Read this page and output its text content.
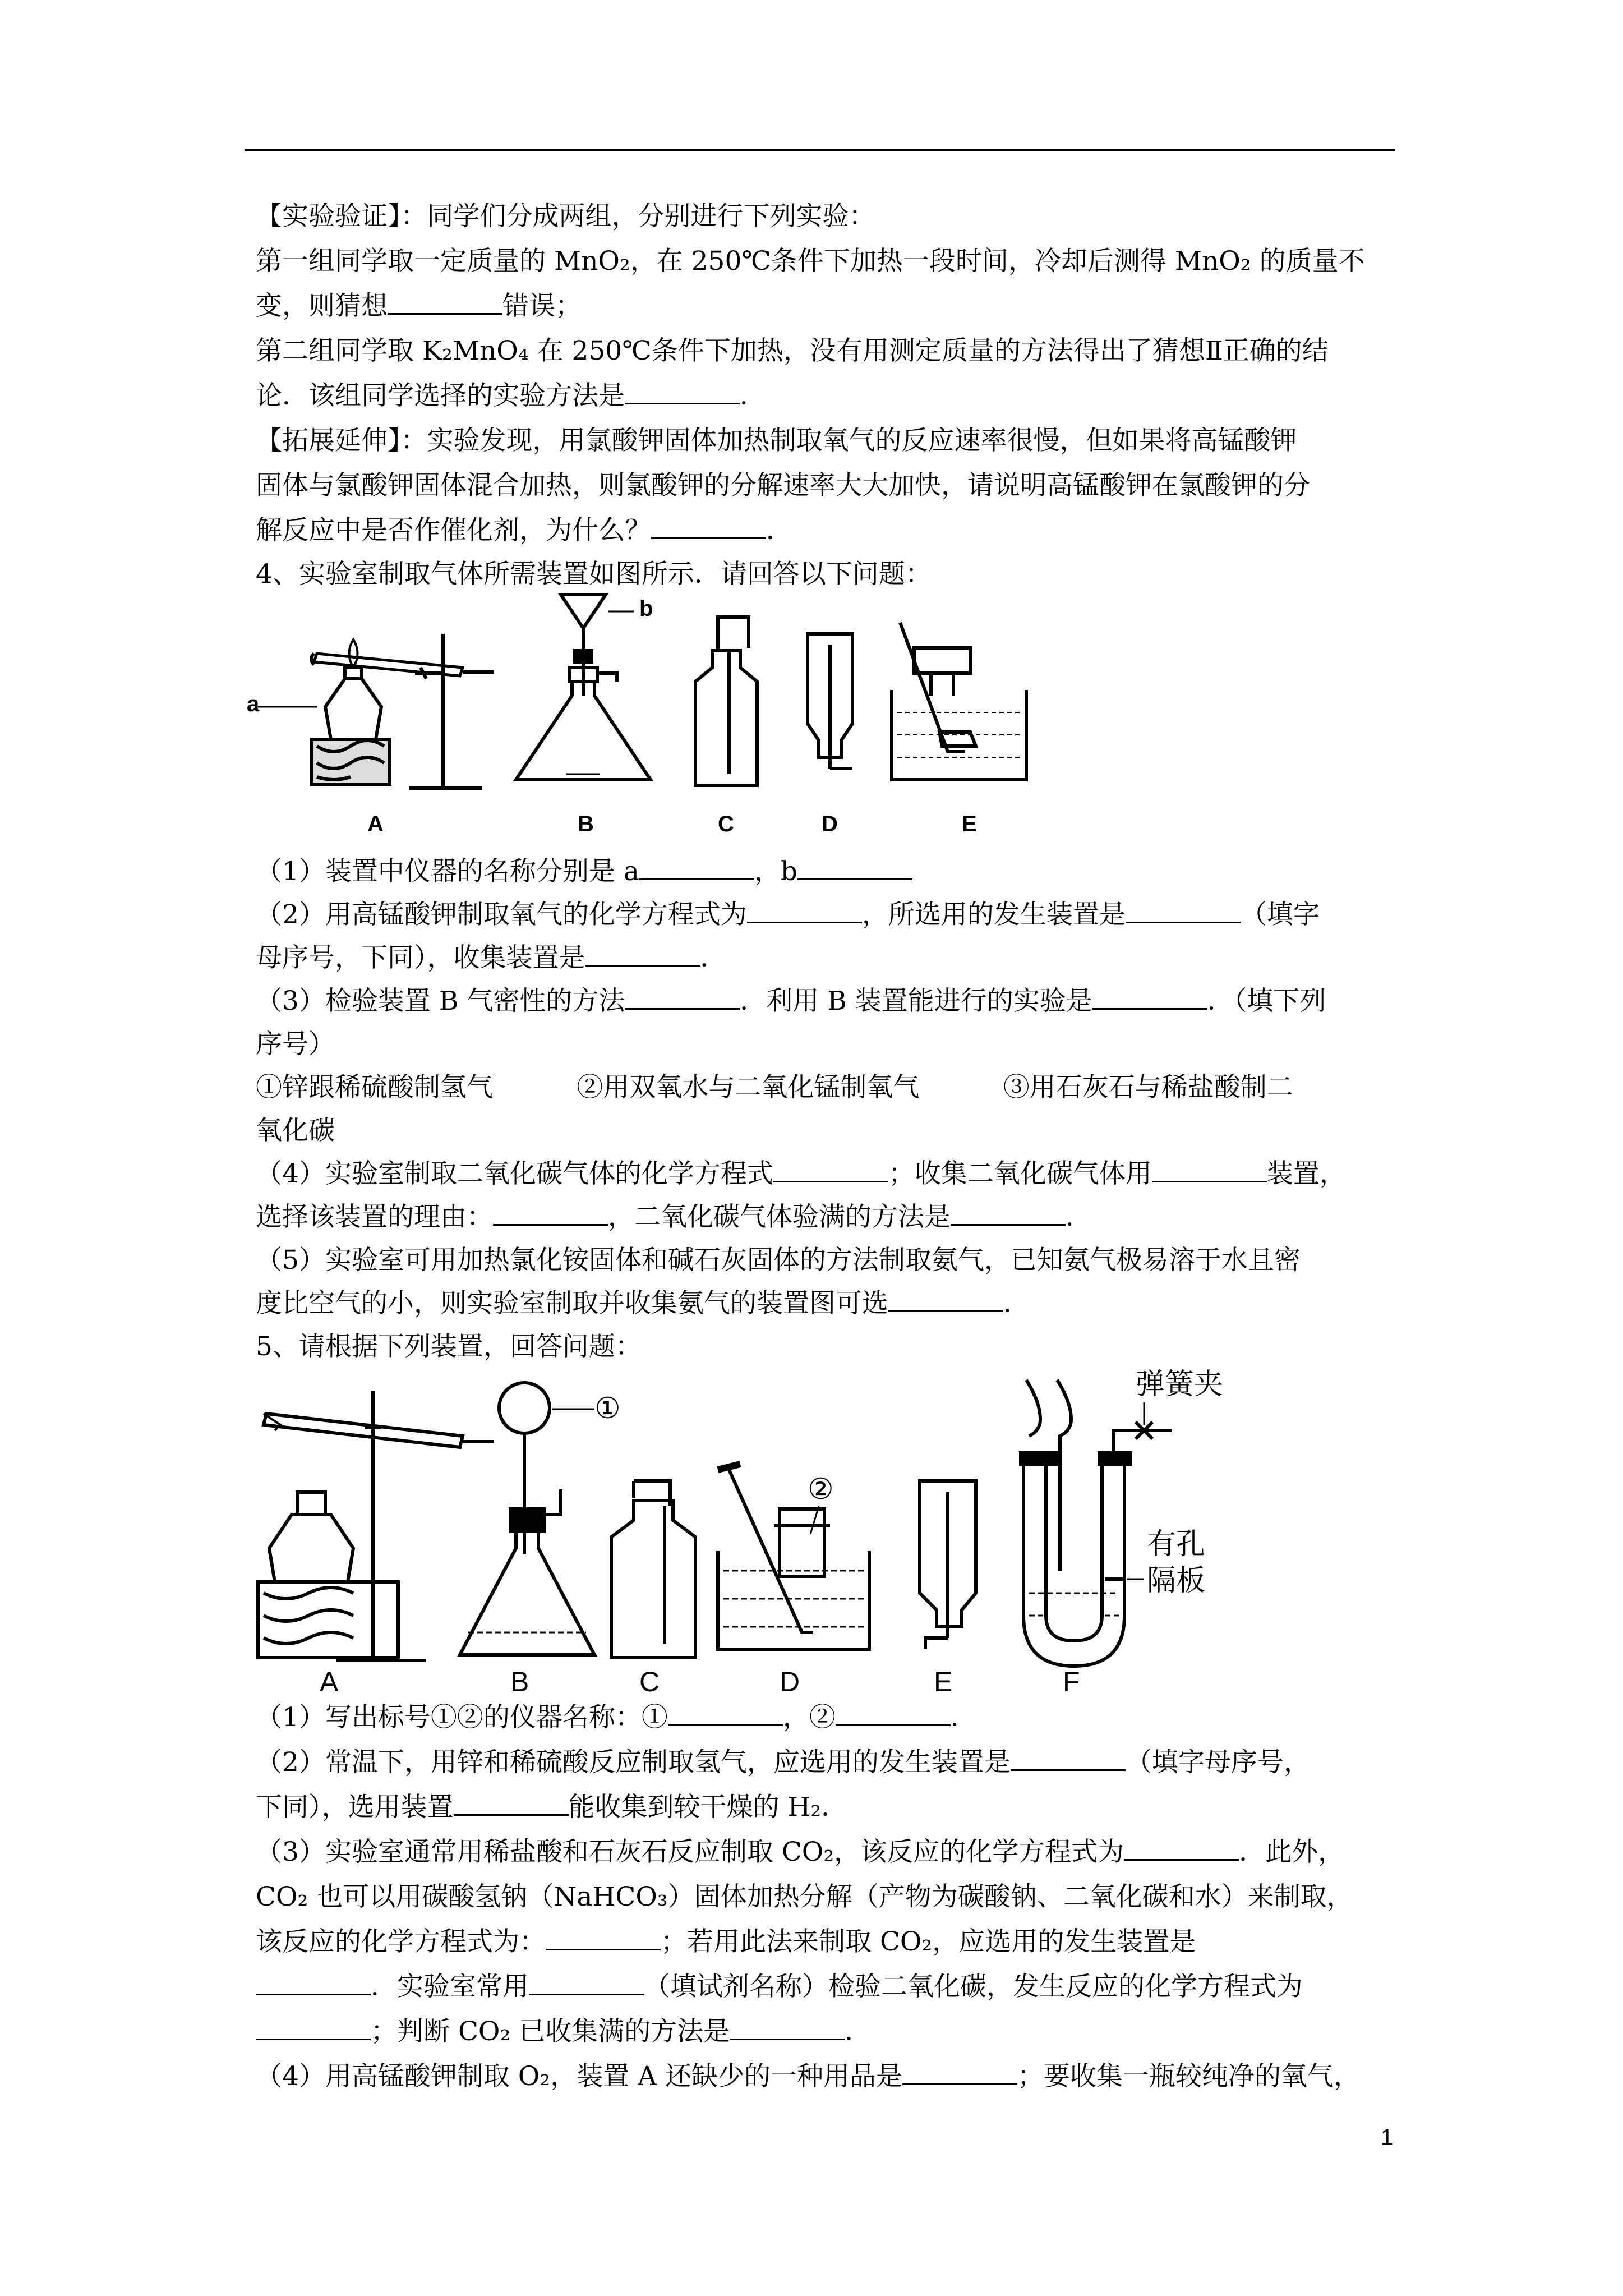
【实验验证】：同学们分成两组，分别进行下列实验：
第一组同学取一定质量的 MnO₂，在 250℃条件下加热一段时间，冷却后测得 MnO₂ 的质量不
变，则猜想	错误；
第二组同学取 K₂MnO₄ 在 250℃条件下加热，没有用测定质量的方法得出了猜想Ⅱ正确的结
论．该组同学选择的实验方法是	．
【拓展延伸】：实验发现，用氯酸钾固体加热制取氧气的反应速率很慢，但如果将高锰酸钾
固体与氯酸钾固体混合加热，则氯酸钾的分解速率大大加快，请说明高锰酸钾在氯酸钾的分
解反应中是否作催化剂，为什么？	．
4、实验室制取气体所需装置如图所示．请回答以下问题：
（1）装置中仪器的名称分别是 a	，b
（2）用高锰酸钾制取氧气的化学方程式为	，所选用的发生装置是	（填字
母序号，下同），收集装置是	．
（3）检验装置 B 气密性的方法	．利用 B 装置能进行的实验是	．（填下列
序号）
①锌跟稀硫酸制氢气          ②用双氧水与二氧化锰制氧气          ③用石灰石与稀盐酸制二
氧化碳
（4）实验室制取二氧化碳气体的化学方程式	；收集二氧化碳气体用	装置，
选择该装置的理由：	，二氧化碳气体验满的方法是	．
（5）实验室可用加热氯化铵固体和碱石灰固体的方法制取氨气，已知氨气极易溶于水且密
度比空气的小，则实验室制取并收集氨气的装置图可选	．
5、请根据下列装置，回答问题：
（1）写出标号①②的仪器名称：①	，②	．
（2）常温下，用锌和稀硫酸反应制取氢气，应选用的发生装置是	（填字母序号，
下同），选用装置	能收集到较干燥的 H₂．
（3）实验室通常用稀盐酸和石灰石反应制取 CO₂，该反应的化学方程式为	．此外，
CO₂ 也可以用碳酸氢钠（NaHCO₃）固体加热分解（产物为碳酸钠、二氧化碳和水）来制取，
该反应的化学方程式为：	；若用此法来制取 CO₂，应选用的发生装置是
．实验室常用	（填试剂名称）检验二氧化碳，发生反应的化学方程式为
；判断 CO₂ 已收集满的方法是	．
（4）用高锰酸钾制取 O₂，装置 A 还缺少的一种用品是	；要收集一瓶较纯净的氧气，
a
A
b
B	C	D	E
A
①
B	C
②
D	E
弹簧夹
有孔
隔板
F
1
